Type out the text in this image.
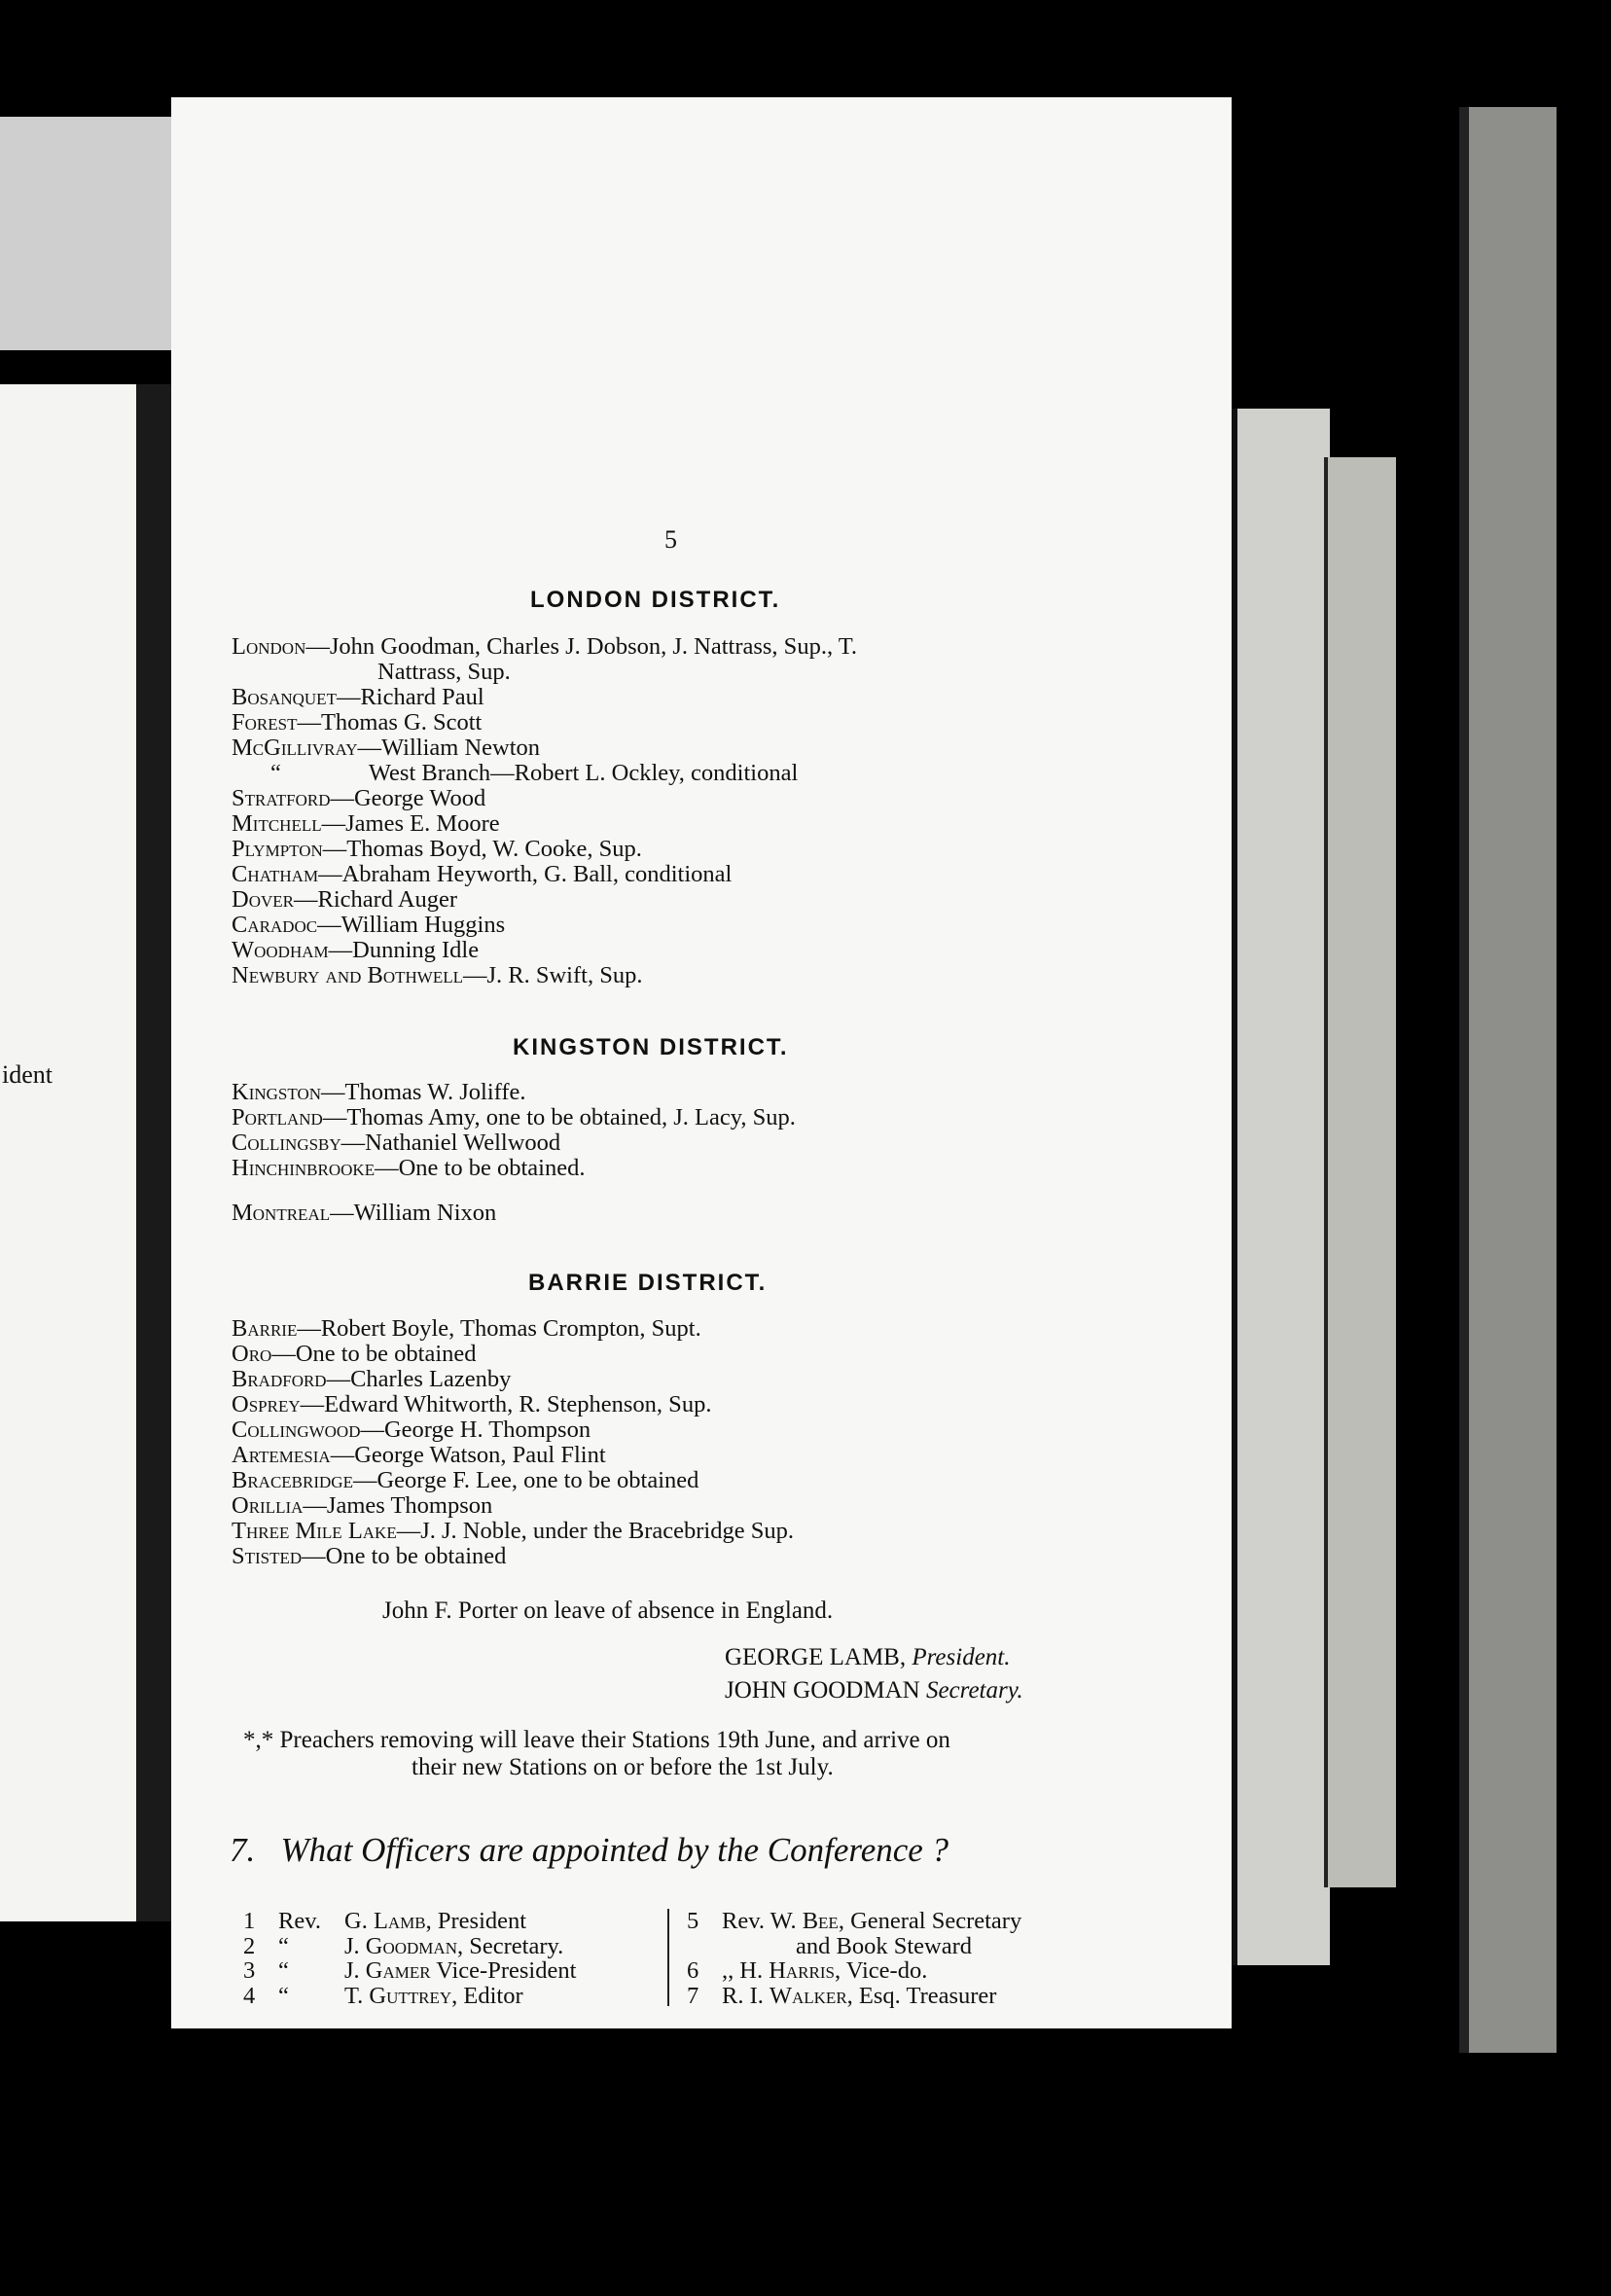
ident
5
LONDON DISTRICT.
London—John Goodman, Charles J. Dobson, J. Nattrass, Sup., T.
Nattrass, Sup.
Bosanquet—Richard Paul
Forest—Thomas G. Scott
McGillivray—William Newton
“	West Branch—Robert L. Ockley, conditional
Stratford—George Wood
Mitchell—James E. Moore
Plympton—Thomas Boyd, W. Cooke, Sup.
Chatham—Abraham Heyworth, G. Ball, conditional
Dover—Richard Auger
Caradoc—William Huggins
Woodham—Dunning Idle
Newbury and Bothwell—J. R. Swift, Sup.
KINGSTON DISTRICT.
Kingston—Thomas W. Joliffe.
Portland—Thomas Amy, one to be obtained, J. Lacy, Sup.
Collingsby—Nathaniel Wellwood
Hinchinbrooke—One to be obtained.
Montreal—William Nixon
BARRIE DISTRICT.
Barrie—Robert Boyle, Thomas Crompton, Supt.
Oro—One to be obtained
Bradford—Charles Lazenby
Osprey—Edward Whitworth, R. Stephenson, Sup.
Collingwood—George H. Thompson
Artemesia—George Watson, Paul Flint
Bracebridge—George F. Lee, one to be obtained
Orillia—James Thompson
Three Mile Lake—J. J. Noble, under the Bracebridge Sup.
Stisted—One to be obtained
John F. Porter on leave of absence in England.
GEORGE LAMB, President.
JOHN GOODMAN Secretary.
*,* Preachers removing will leave their Stations 19th June, and arrive on
their new Stations on or before the 1st July.
7.   What Officers are appointed by the Conference ?
1 Rev. G. Lamb, President
2 “ J. Goodman, Secretary.
3 “ J. Gamer Vice-President
4 “ T. Guttrey, Editor
5 Rev. W. Bee, General Secretary
and Book Steward
6 ,, H. Harris, Vice-do.
7 R. I. Walker, Esq. Treasurer
